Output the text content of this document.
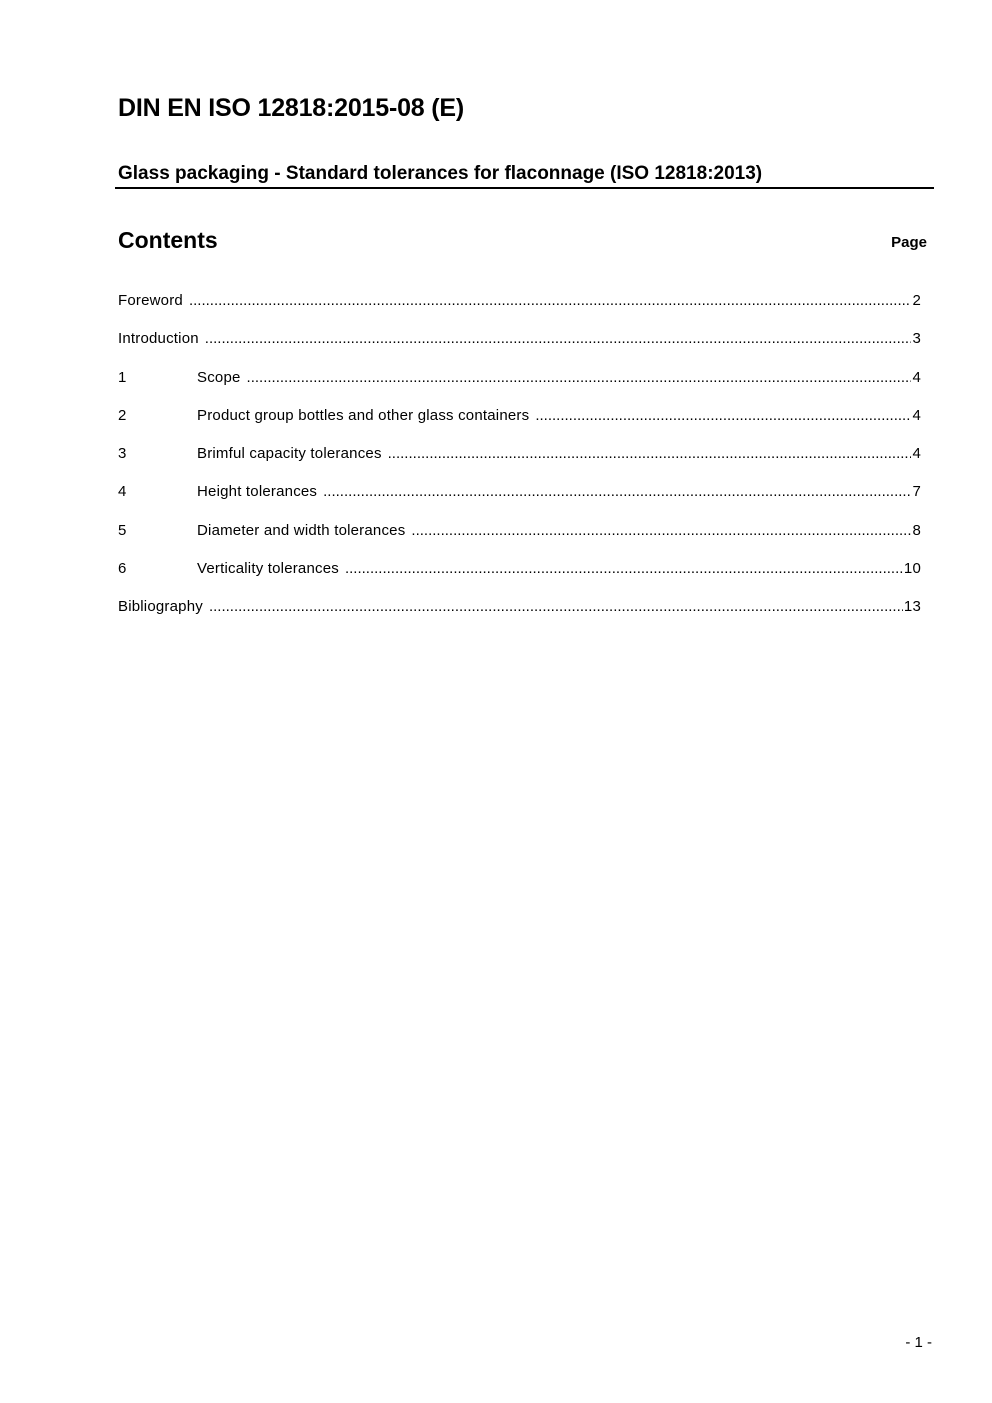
DIN EN ISO 12818:2015-08 (E)
Glass packaging - Standard tolerances for flaconnage (ISO 12818:2013)
Contents	Page
Foreword .....	2
Introduction .....	3
1	Scope .....	4
2	Product group bottles and other glass containers .....	4
3	Brimful capacity tolerances .....	4
4	Height tolerances .....	7
5	Diameter and width tolerances .....	8
6	Verticality tolerances .....	10
Bibliography .....	13
- 1 -
